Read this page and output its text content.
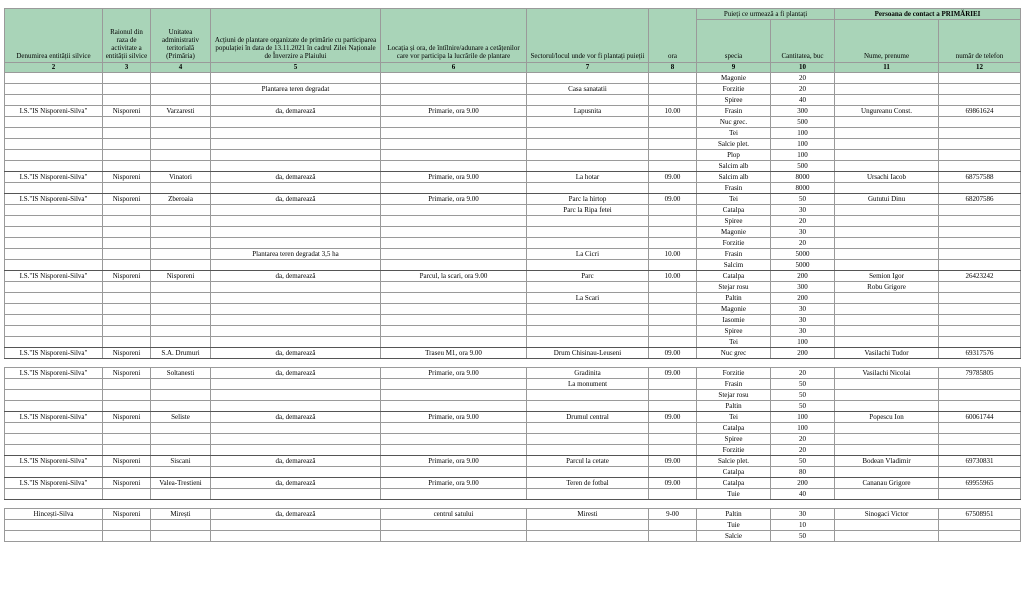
Denumirea entității silvice	Raionul din raza de activitate a entității silvice	Unitatea administrativ teritorială (Primăria)	Acțiuni de plantare organizate de primărie cu participarea populației în data de 13.11.2021 în cadrul Zilei Naționale de Înverzire a Plaiului	Locația și ora, de întîlnire/adunare a cetățenilor care vor participa la lucrările de plantare	Sectorul/locul unde vor fi plantați puieții	ora	Puieți ce urmează a fi plantați		Persoana de contact a PRIMĂRIEI	
							specia	Cantitatea, buc	Nume, prenume	număr de telefon
2	3	4	5	6	7	8	9	10	11	12
							Magonie	20		
			Plantarea teren degradat		Casa sanatatii		Forzitie	20		
							Spiree	40		
I.S."IS Nisporeni-Silva"	Nisporeni	Varzaresti	da, demarează	Primarie, ora 9.00	Lapusnita	10.00	Frasin	300	Ungureanu Const.	69861624
							Nuc grec.	500		
							Tei	100		
							Salcie plet.	100		
							Plop	100		
							Salcim alb	500		
I.S."IS Nisporeni-Silva"	Nisporeni	Vinatori	da, demarează	Primarie, ora 9.00	La hotar	09.00	Salcim alb	8000	Ursachi Iacob	68757588
							Frasin	8000		
I.S."IS Nisporeni-Silva"	Nisporeni	Zberoaia	da, demarează	Primarie, ora 9.00	Parc la hirtop	09.00	Tei	50	Gututui Dinu	68207586
					Parc la Ripa fetei		Catalpa	30		
							Spiree	20		
							Magonie	30		
							Forzitie	20		
			Plantarea teren degradat 3,5 ha		La Cicri	10.00	Frasin	5000		
							Salcim	5000		
I.S."IS Nisporeni-Silva"	Nisporeni	Nisporeni	da, demarează	Parcul, la scari, ora 9.00	Parc	10.00	Catalpa	200	Semion Igor	26423242
							Stejar rosu	300	Robu Grigore	
					La Scari		Paltin	200		
							Magonie	30		
							Iasomie	30		
							Spiree	30		
							Tei	100		
I.S."IS Nisporeni-Silva"	Nisporeni	S.A. Drumuri	da, demarează	Traseu M1, ora 9.00	Drum Chisinau-Leuseni	09.00	Nuc grec	200	Vasilachi Tudor	69317576

I.S."IS Nisporeni-Silva"	Nisporeni	Soltanesti	da, demarează	Primarie, ora 9.00	Gradinita	09.00	Forzitie	20	Vasilachi Nicolai	79785805
					La monument		Frasin	50		
							Stejar rosu	50		
							Paltin	50		
I.S."IS Nisporeni-Silva"	Nisporeni	Seliste	da, demarează	Primarie, ora 9.00	Drumul central	09.00	Tei	100	Popescu Ion	60061744
							Catalpa	100		
							Spiree	20		
							Forzitie	20		
I.S."IS Nisporeni-Silva"	Nisporeni	Siscani	da, demarează	Primarie, ora 9.00	Parcul la cetate	09.00	Salcie plet.	50	Bodean Vladimir	69730831
							Catalpa	80		
I.S."IS Nisporeni-Silva"	Nisporeni	Valea-Trestieni	da, demarează	Primarie, ora 9.00	Teren de fotbal	09.00	Catalpa	200	Cananau Grigore	69955965
							Tuie	40		

Hincești-Silva	Nisporeni	Mirești	da, demarează	centrul satului	Miresti	9-00	Paltin	30	Sinogaci Victor	67508951
							Tuie	10		
							Salcie	50		
